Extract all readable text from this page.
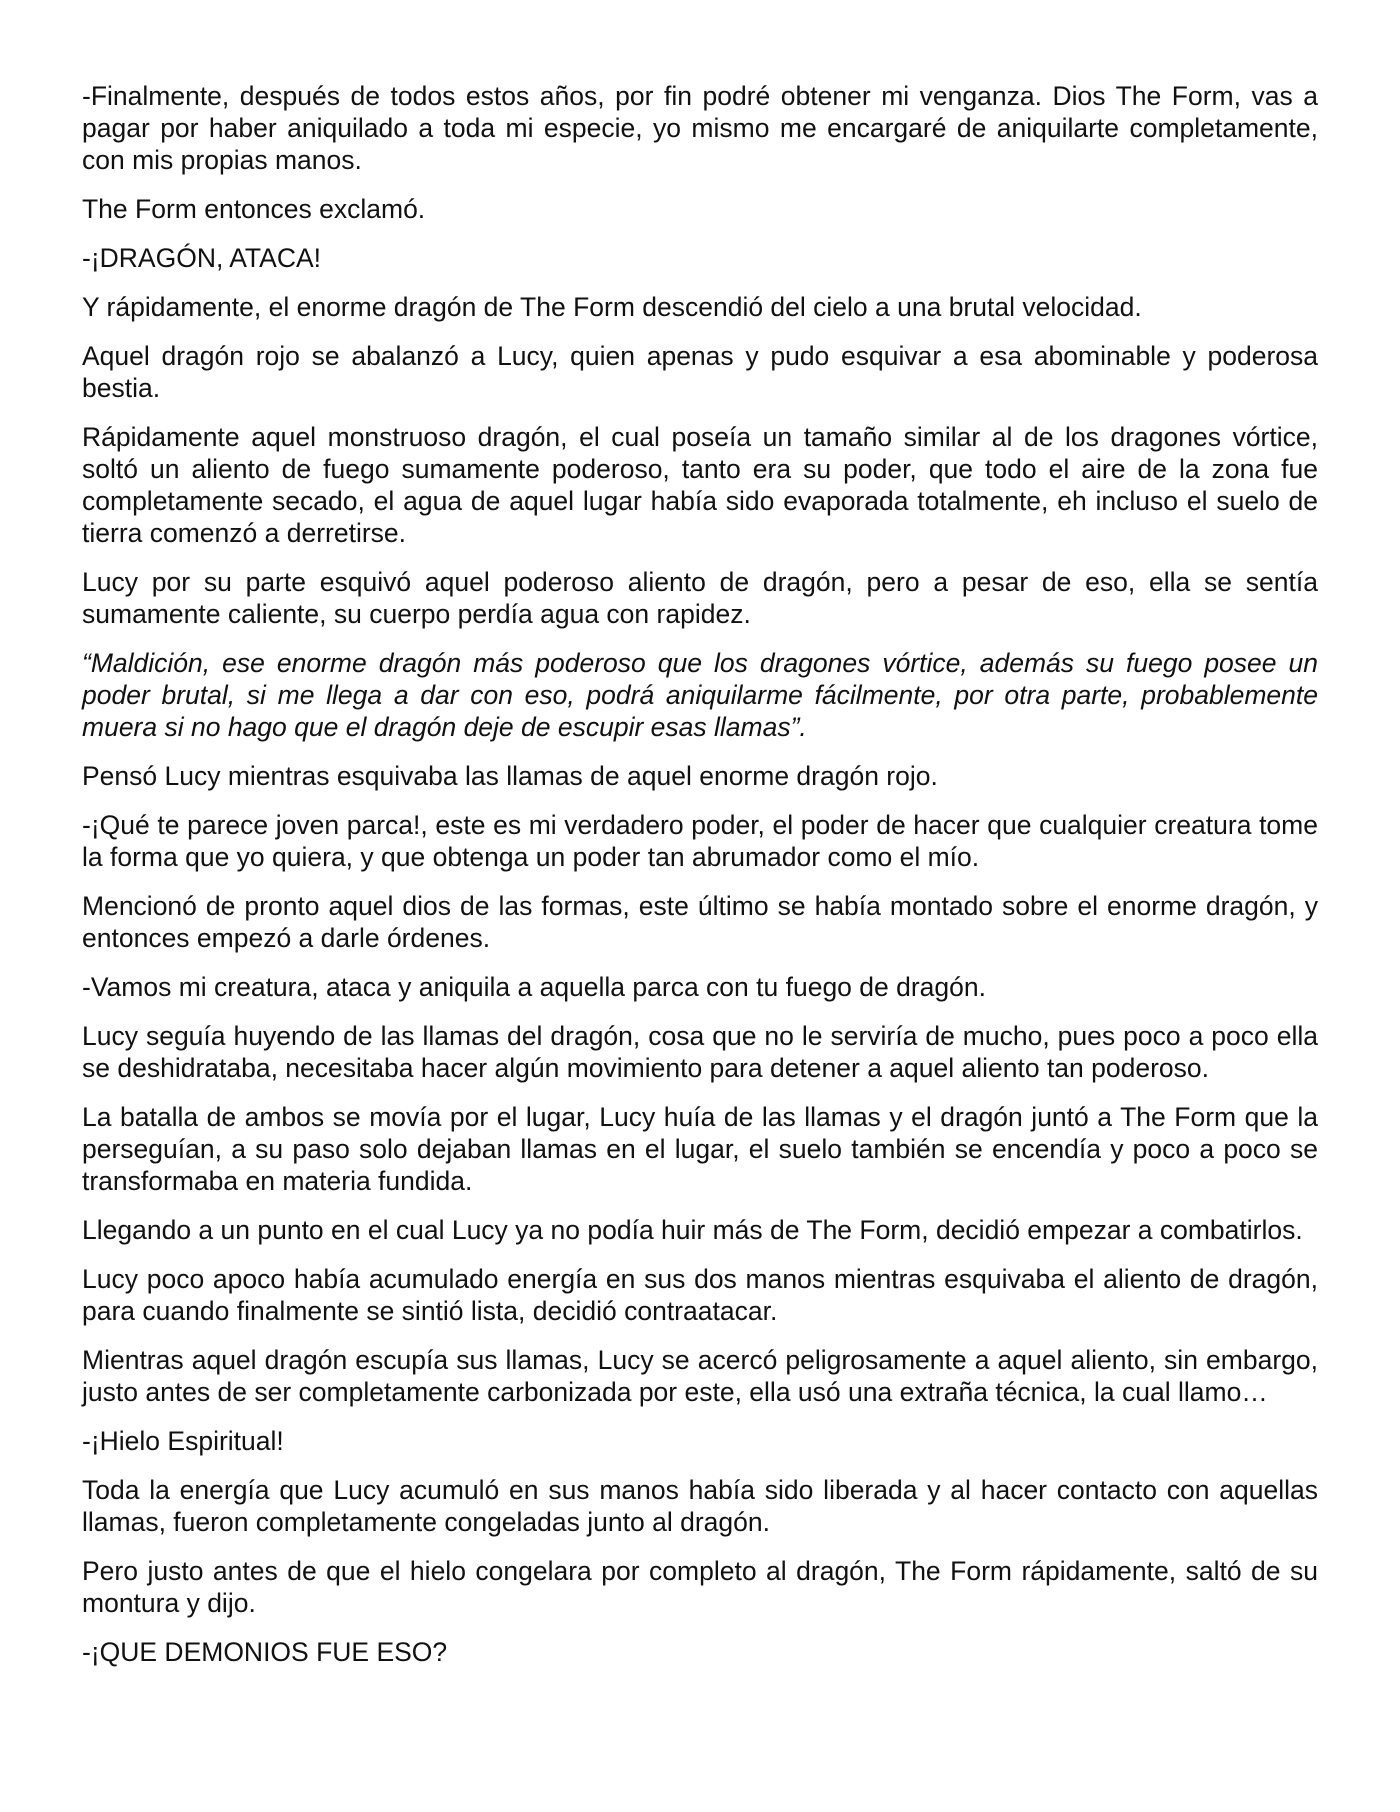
-Finalmente, después de todos estos años, por fin podré obtener mi venganza. Dios The Form, vas a pagar por haber aniquilado a toda mi especie, yo mismo me encargaré de aniquilarte completamente, con mis propias manos.

The Form entonces exclamó.

-¡DRAGÓN, ATACA!

Y rápidamente, el enorme dragón de The Form descendió del cielo a una brutal velocidad.

Aquel dragón rojo se abalanzó a Lucy, quien apenas y pudo esquivar a esa abominable y poderosa bestia.

Rápidamente aquel monstruoso dragón, el cual poseía un tamaño similar al de los dragones vórtice, soltó un aliento de fuego sumamente poderoso, tanto era su poder, que todo el aire de la zona fue completamente secado, el agua de aquel lugar había sido evaporada totalmente, eh incluso el suelo de tierra comenzó a derretirse.

Lucy por su parte esquivó aquel poderoso aliento de dragón, pero a pesar de eso, ella se sentía sumamente caliente, su cuerpo perdía agua con rapidez.

“Maldición, ese enorme dragón más poderoso que los dragones vórtice, además su fuego posee un poder brutal, si me llega a dar con eso, podrá aniquilarme fácilmente, por otra parte, probablemente muera si no hago que el dragón deje de escupir esas llamas”.

Pensó Lucy mientras esquivaba las llamas de aquel enorme dragón rojo.

-¡Qué te parece joven parca!, este es mi verdadero poder, el poder de hacer que cualquier creatura tome la forma que yo quiera, y que obtenga un poder tan abrumador como el mío.

Mencionó de pronto aquel dios de las formas, este último se había montado sobre el enorme dragón, y entonces empezó a darle órdenes.

-Vamos mi creatura, ataca y aniquila a aquella parca con tu fuego de dragón.

Lucy seguía huyendo de las llamas del dragón, cosa que no le serviría de mucho, pues poco a poco ella se deshidrataba, necesitaba hacer algún movimiento para detener a aquel aliento tan poderoso.

La batalla de ambos se movía por el lugar, Lucy huía de las llamas y el dragón juntó a The Form que la perseguían, a su paso solo dejaban llamas en el lugar, el suelo también se encendía y poco a poco se transformaba en materia fundida.

Llegando a un punto en el cual Lucy ya no podía huir más de The Form, decidió empezar a combatirlos.

Lucy poco apoco había acumulado energía en sus dos manos mientras esquivaba el aliento de dragón, para cuando finalmente se sintió lista, decidió contraatacar.

Mientras aquel dragón escupía sus llamas, Lucy se acercó peligrosamente a aquel aliento, sin embargo, justo antes de ser completamente carbonizada por este, ella usó una extraña técnica, la cual llamo…

-¡Hielo Espiritual!

Toda la energía que Lucy acumuló en sus manos había sido liberada y al hacer contacto con aquellas llamas, fueron completamente congeladas junto al dragón.

Pero justo antes de que el hielo congelara por completo al dragón, The Form rápidamente, saltó de su montura y dijo.

-¡QUE DEMONIOS FUE ESO?
